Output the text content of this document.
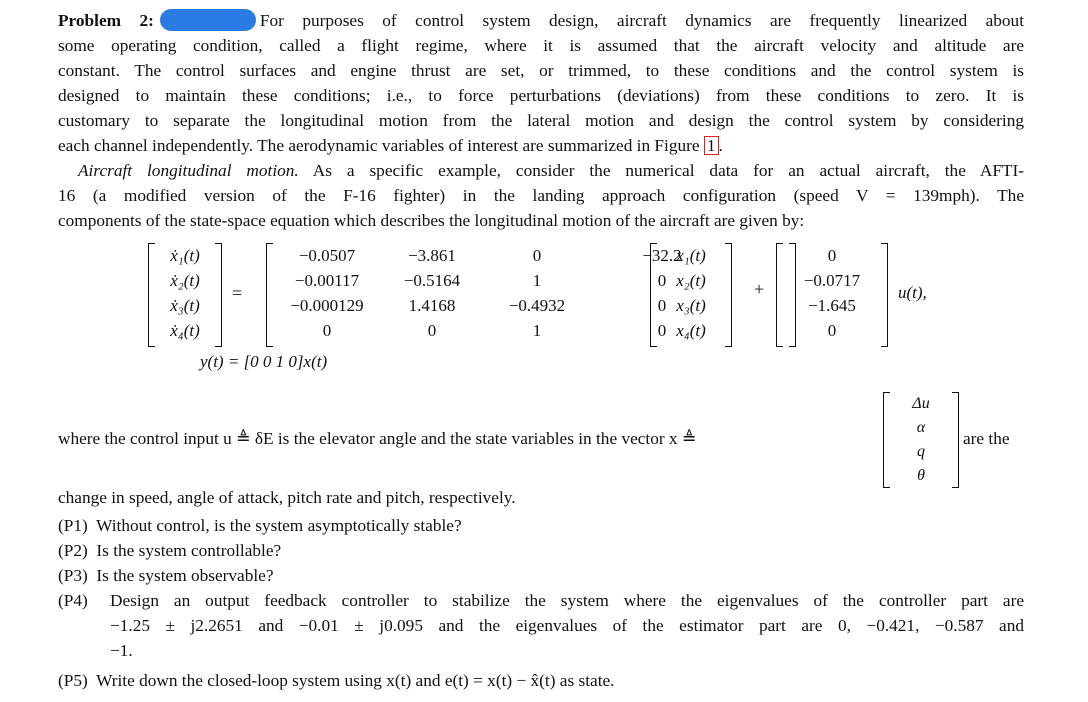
Problem 2:	For purposes of control system design, aircraft dynamics are frequently linearized about
some operating condition, called a flight regime, where it is assumed that the aircraft velocity and altitude are
constant. The control surfaces and engine thrust are set, or trimmed, to these conditions and the control system is
designed to maintain these conditions; i.e., to force perturbations (deviations) from these conditions to zero. It is
customary to separate the longitudinal motion from the lateral motion and design the control system by considering
each channel independently. The aerodynamic variables of interest are summarized in Figure 1 .
Aircraft longitudinal motion. As a specific example, consider the numerical data for an actual aircraft, the AFTI-
16 (a modified version of the F-16 fighter) in the landing approach configuration (speed V = 139mph). The
components of the state-space equation which describes the longitudinal motion of the aircraft are given by:
ẋ₁(t)
ẋ₂(t)
ẋ₃(t)
ẋ₄(t)
=
−0.0507	−3.861	0	−32.2
−0.00117	−0.5164	1	0
−0.000129	1.4168	−0.4932	0
0	0	1	0
x₁(t)
x₂(t)
x₃(t)
x₄(t)
+
0
−0.0717
−1.645
0
u(t),
y(t) = [0 0 1 0]x(t)
where the control input u ≜ δE is the elevator angle and the state variables in the vector x ≜
Δu
α
q
θ
are the
change in speed, angle of attack, pitch rate and pitch, respectively.
(P1) Without control, is the system asymptotically stable?
(P2) Is the system controllable?
(P3) Is the system observable?
(P4) Design an output feedback controller to stabilize the system where the eigenvalues of the controller part are
−1.25 ± j2.2651 and −0.01 ± j0.095 and the eigenvalues of the estimator part are 0, −0.421, −0.587 and
−1.
(P5) Write down the closed-loop system using x(t) and e(t) = x(t) − x̂(t) as state.
